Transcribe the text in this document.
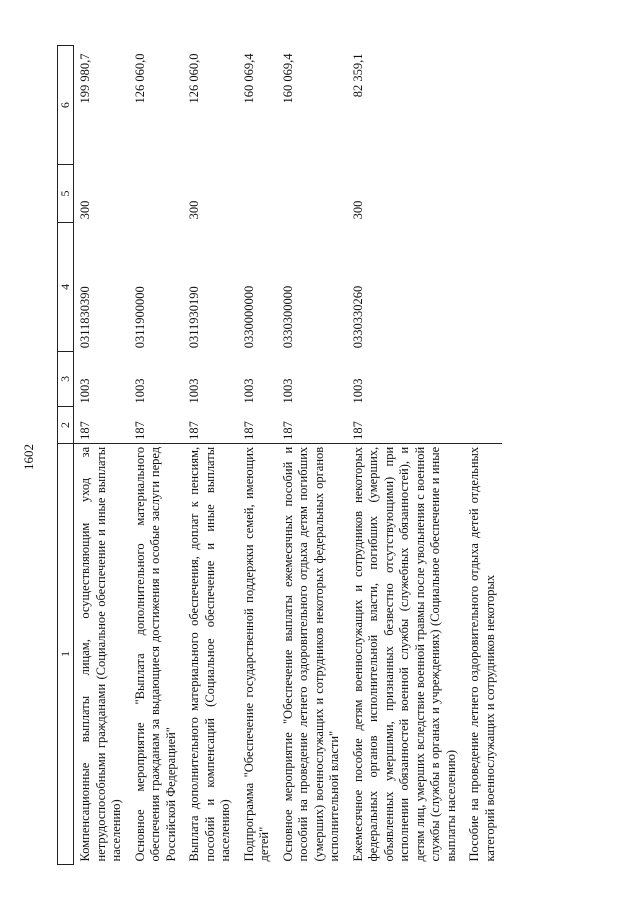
1602
1	2	3	4	5	6
Компенсационные выплаты лицам, осуществляющим уход за нетрудоспособными гражданами (Социальное обеспечение и иные выплаты населению)	187	1003	0311830390	300	199 980,7
Основное мероприятие "Выплата дополнительного материального обеспечения гражданам за выдающиеся достижения и особые заслуги перед Российской Федерацией"	187	1003	0311900000		126 060,0
Выплата дополнительного материального обеспечения, доплат к пенсиям, пособий и компенсаций (Социальное обеспечение и иные выплаты населению)	187	1003	0311930190	300	126 060,0
Подпрограмма "Обеспечение государственной поддержки семей, имеющих детей"	187	1003	0330000000		160 069,4
Основное мероприятие "Обеспечение выплаты ежемесячных пособий и пособий на проведение летнего оздоровительного отдыха детям погибших (умерших) военнослужащих и сотрудников некоторых федеральных органов исполнительной власти"	187	1003	0330300000		160 069,4
Ежемесячное пособие детям военнослужащих и сотрудников некоторых федеральных органов исполнительной власти, погибших (умерших, объявленных умершими, признанных безвестно отсутствующими) при исполнении обязанностей военной службы (служебных обязанностей), и детям лиц, умерших вследствие военной травмы после увольнения с военной службы (службы в органах и учреждениях) (Социальное обеспечение и иные выплаты населению)	187	1003	0330330260	300	82 359,1
Пособие на проведение летнего оздоровительного отдыха детей отдельных категорий военнослужащих и сотрудников некоторых					
